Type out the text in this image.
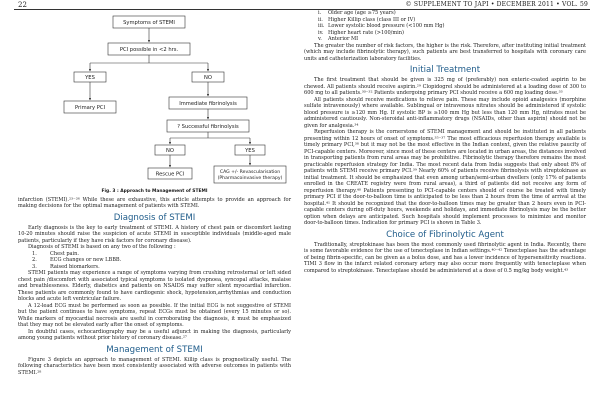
22	© SUPPLEMENT TO JAPI • DECEMBER 2011 • VOL. 59
Symptoms of STEMI
PCI possible in <2 hrs.
YES	NO
Primary PCI
Immediate fibrinolysis
? Successful fibrinolysis
NO	YES
Rescue PCI	CAG +/- Revascularisation (Pharmacoinvasive therapy)
Fig. 3 : Approach to Management of STEMI

infarction (STEMI).²³⁻²⁶ While these are exhaustive, this article attempts to provide an approach for making decisions for the optimal management of patients with STEMI.

Diagnosis of STEMI

Early diagnosis is the key to early treatment of STEMI. A history of chest pain or discomfort lasting 10-20 minutes should raise the suspicion of acute STEMI in susceptible individuals (middle-aged male patients, particularly if they have risk factors for coronary disease).

Diagnosis of STEMI is based on any two of the following :

1.	Chest pain.
2.	ECG changes or new LBBB.
3.	Raised biomarkers.

STEMI patients may experience a range of symptoms varying from crushing retrosternal or left sided chest pain /discomfort with associated typical symptoms to isolated dyspnoea, syncopal attacks, malaise and breathlessness. Elderly, diabetics and patients on NSAIDS may suffer silent myocardial infarction. These patients are commonly found to have cardiogenic shock, hypotension,arrhythmias and conduction blocks and acute left ventricular failure.

A 12-lead ECG must be performed as soon as possible. If the initial ECG is not suggestive of STEMI but the patient continues to have symptoms, repeat ECGs must be obtained (every 15 minutes or so). While markers of myocardial necrosis are useful in corroborating the diagnosis, it must be emphasized that they may not be elevated early after the onset of symptoms.

In doubtful cases, echocardiography may be a useful adjunct in making the diagnosis, particularly among young patients without prior history of coronary disease.²⁷

Management of STEMI

Figure 3 depicts an approach to management of STEMI. Killip class is prognostically useful. The following characteristics have been most consistently associated with adverse outcomes in patients with STEMI.²⁸

i.	Older age (age ≥75 years)
ii.	Higher Killip class (class III or IV)
iii. Lower systolic blood pressure (<100 mm Hg)
iv. Higher heart rate (>100/min)
v.	Anterior MI

The greater the number of risk factors, the higher is the risk. Therefore, after instituting initial treatment (which may include fibrinolytic therapy), such patients are best transferred to hospitals with coronary care units and catheterization laboratory facilities.

Initial Treatment

The first treatment that should be given is 325 mg of (preferably) non enteric-coated aspirin to be chewed. All patients should receive aspirin.²⁹ Clopidogrel should be administered at a loading dose of 300 to 600 mg to all patients.³⁰⁻³² Patients undergoing primary PCI should receive a 600 mg loading dose.³³

All patients should receive medications to relieve pain. These may include opioid analgesics (morphine sulfate intravenously) where available. Sublingual or intravenous nitrates should be administered if systolic blood pressure is ≥120 mm Hg. If systolic BP is ≥100 mm Hg but less than 120 mm Hg, nitrates must be administered cautiously. Non-steroidal anti-inflammatory drugs (NSAIDs, other than aspirin) should not be given for analgesia.³⁴

Reperfusion therapy is the cornerstone of STEMI management and should be instituted in all patients presenting within 12 hours of onset of symptoms.³⁵⁻³⁷ The most efficacious reperfusion therapy available is timely primary PCI,³⁸ but it may not be the most effective in the Indian context, given the relative paucity of PCI-capable centers. Moreover, since most of these centers are located in urban areas, the distances involved in transporting patients from rural areas may be prohibitive. Fibrinolytic therapy therefore remains the most practicable reperfusion strategy for India. The most recent data from India suggests that only about 8% of patients with STEMI receive primary PCI.³⁹ Nearly 60% of patients receive fibrinolysis with streptokinase as initial treatment. It should be emphasized that even among urban/semi-urban dwellers (only 17% of patients enrolled in the CREATE registry were from rural areas), a third of patients did not receive any form of reperfusion therapy.⁴⁰ Patients presenting to PCI-capable centers should of course be treated with timely primary PCI if the door-to-balloon time is anticipated to be less than 2 hours from the time of arrival at the hospital.⁴¹ It should be recognized that the door-to-balloon times may be greater than 2 hours even in PCI-capable centers during off-duty hours, weekends and holidays, and immediate fibrinolysis may be the better option when delays are anticipated. Such hospitals should implement processes to minimize and monitor door-to-balloon times. Indication for primary PCI is shown in Table 3.

Choice of Fibrinolytic Agent

Traditionally, streptokinase has been the most commonly used fibrinolytic agent in India. Recently, there is some favorable evidence for the use of tenecteplase in Indian settings.⁴⁰⁻⁴² Tenecteplase has the advantage of being fibrin-specific, can be given as a bolus dose, and has a lower incidence of hypersensitivity reactions. TIMI 3 flow in the infarct related coronary artery may also occur more frequently with tenecteplase when compared to streptokinase. Tenecteplase should be administered at a dose of 0.5 mg/kg body weight.⁴³
